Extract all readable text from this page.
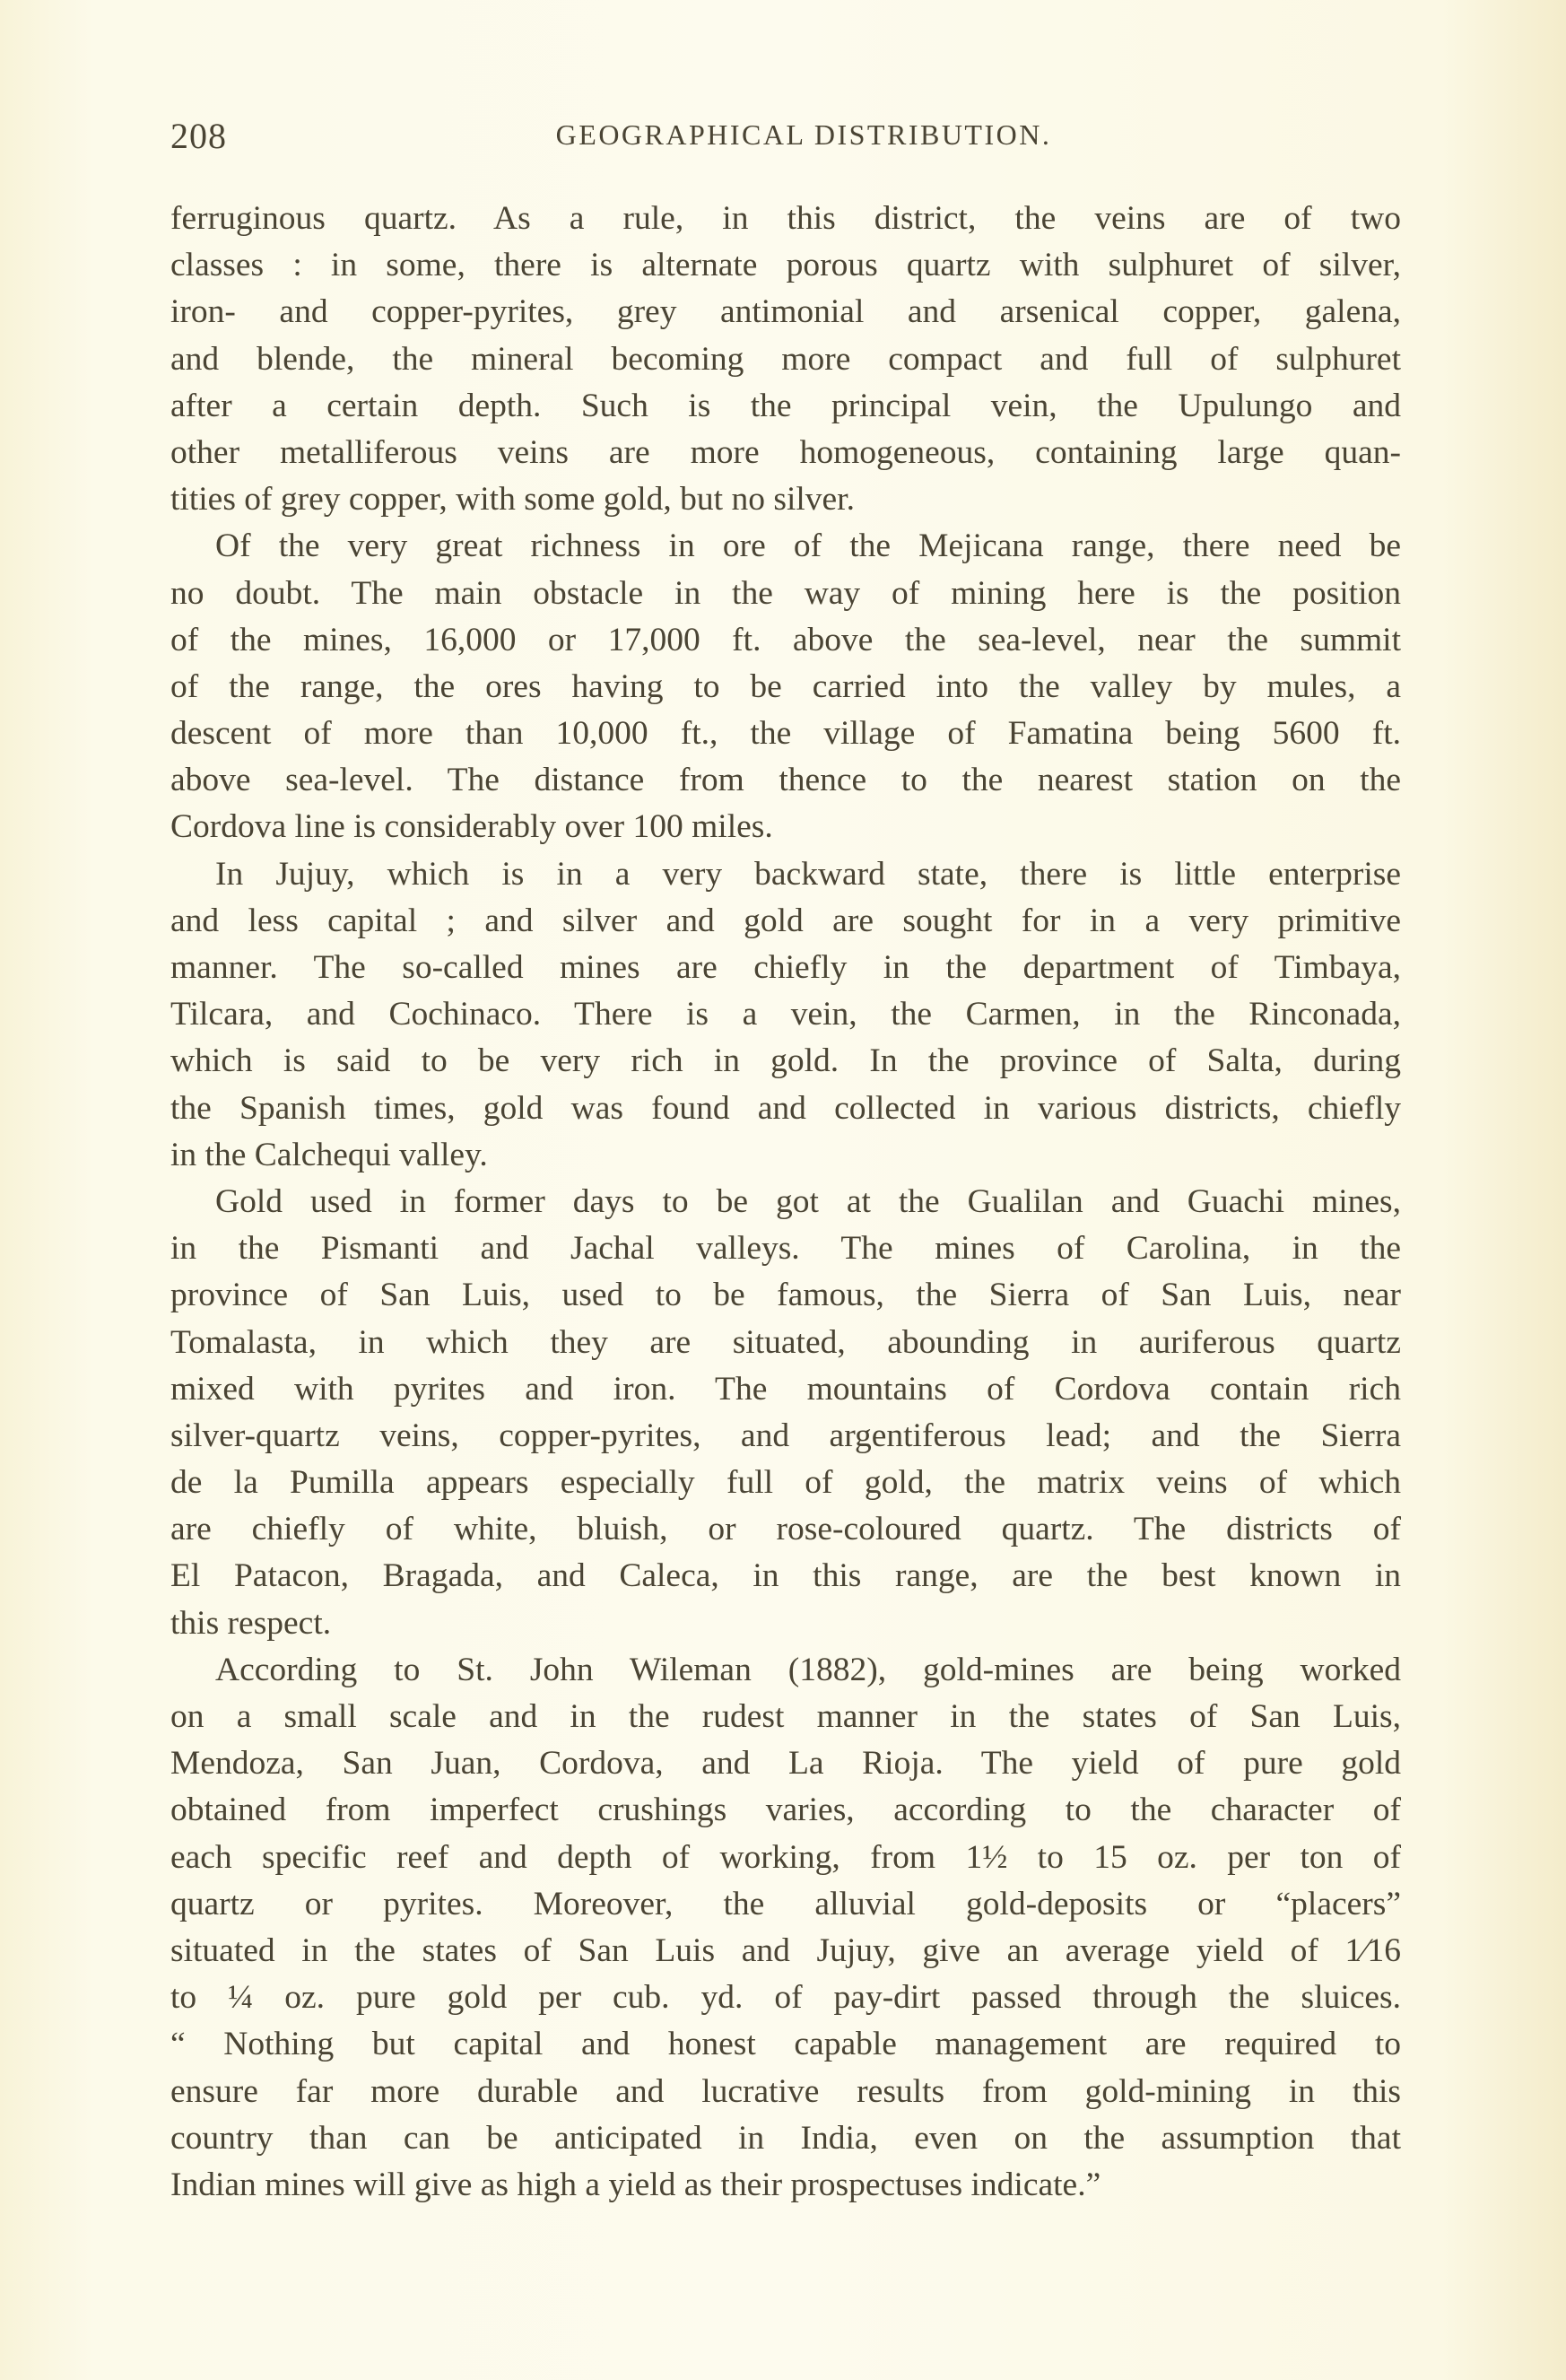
208	GEOGRAPHICAL DISTRIBUTION.
ferruginous quartz. As a rule, in this district, the veins are of two
classes : in some, there is alternate porous quartz with sulphuret of silver,
iron- and copper-pyrites, grey antimonial and arsenical copper, galena,
and blende, the mineral becoming more compact and full of sulphuret
after a certain depth. Such is the principal vein, the Upulungo and
other metalliferous veins are more homogeneous, containing large quan-
tities of grey copper, with some gold, but no silver.
Of the very great richness in ore of the Mejicana range, there need be
no doubt. The main obstacle in the way of mining here is the position
of the mines, 16,000 or 17,000 ft. above the sea-level, near the summit
of the range, the ores having to be carried into the valley by mules, a
descent of more than 10,000 ft., the village of Famatina being 5600 ft.
above sea-level. The distance from thence to the nearest station on the
Cordova line is considerably over 100 miles.
In Jujuy, which is in a very backward state, there is little enterprise
and less capital ; and silver and gold are sought for in a very primitive
manner. The so-called mines are chiefly in the department of Timbaya,
Tilcara, and Cochinaco. There is a vein, the Carmen, in the Rinconada,
which is said to be very rich in gold. In the province of Salta, during
the Spanish times, gold was found and collected in various districts, chiefly
in the Calchequi valley.
Gold used in former days to be got at the Gualilan and Guachi mines,
in the Pismanti and Jachal valleys. The mines of Carolina, in the
province of San Luis, used to be famous, the Sierra of San Luis, near
Tomalasta, in which they are situated, abounding in auriferous quartz
mixed with pyrites and iron. The mountains of Cordova contain rich
silver-quartz veins, copper-pyrites, and argentiferous lead; and the Sierra
de la Pumilla appears especially full of gold, the matrix veins of which
are chiefly of white, bluish, or rose-coloured quartz. The districts of
El Patacon, Bragada, and Caleca, in this range, are the best known in
this respect.
According to St. John Wileman (1882), gold-mines are being worked
on a small scale and in the rudest manner in the states of San Luis,
Mendoza, San Juan, Cordova, and La Rioja. The yield of pure gold
obtained from imperfect crushings varies, according to the character of
each specific reef and depth of working, from 1½ to 15 oz. per ton of
quartz or pyrites. Moreover, the alluvial gold-deposits or “placers”
situated in the states of San Luis and Jujuy, give an average yield of 1⁄16
to ¼ oz. pure gold per cub. yd. of pay-dirt passed through the sluices.
“ Nothing but capital and honest capable management are required to
ensure far more durable and lucrative results from gold-mining in this
country than can be anticipated in India, even on the assumption that
Indian mines will give as high a yield as their prospectuses indicate.”
